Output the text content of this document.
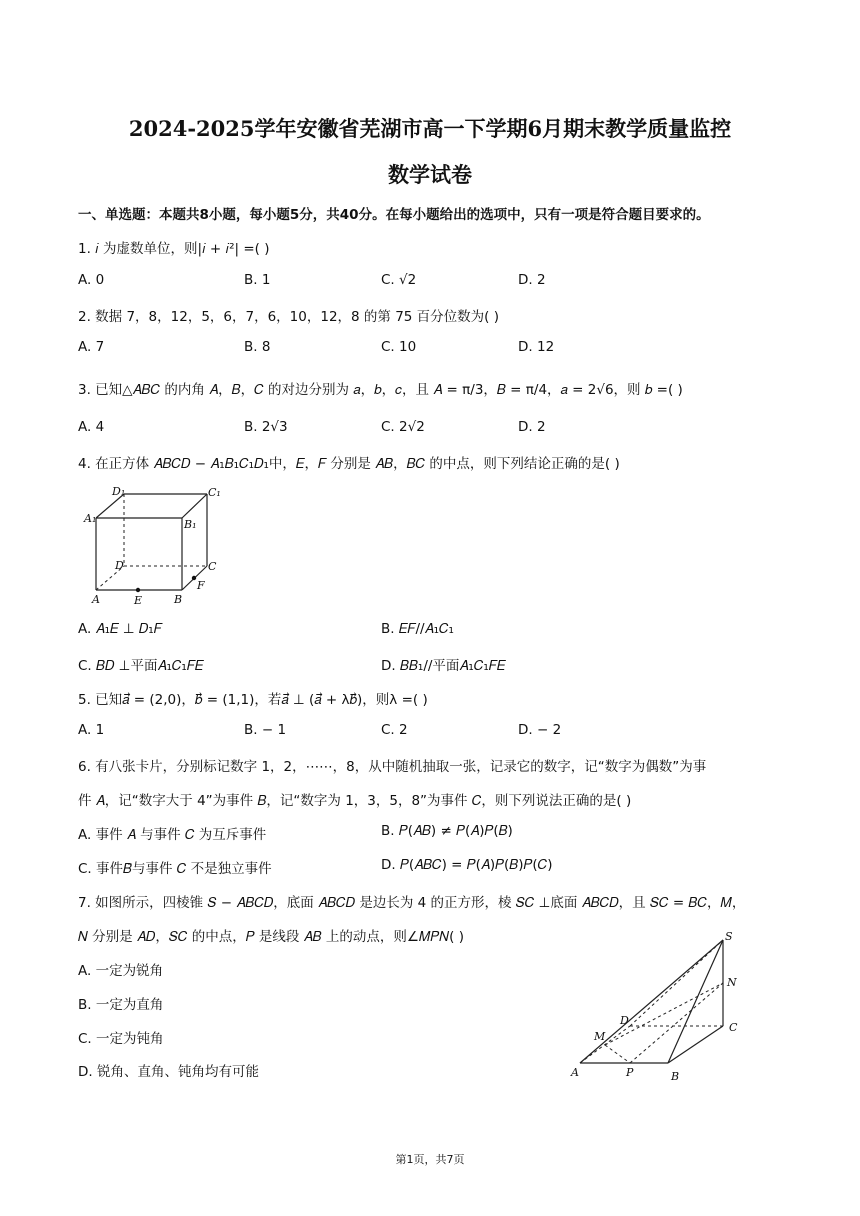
2024-2025学年安徽省芜湖市高一下学期6月期末教学质量监控
数学试卷
一、单选题：本题共8小题，每小题5分，共40分。在每小题给出的选项中，只有一项是符合题目要求的。
1. 𝑖 为虚数单位，则|𝑖 + 𝑖²| =( )
A. 0	B. 1	C. √2	D. 2
2. 数据 7，8，12，5，6，7，6，10，12，8 的第 75 百分位数为( )
A. 7	B. 8	C. 10	D. 12
3. 已知△𝐴𝐵𝐶 的内角 𝐴，𝐵，𝐶 的对边分别为 𝑎，𝑏，𝑐，且 𝐴 = π/3，𝐵 = π/4，𝑎 = 2√6，则 𝑏 =( )
A. 4	B. 2√3	C. 2√2	D. 2
4. 在正方体 𝐴𝐵𝐶𝐷 − 𝐴₁𝐵₁𝐶₁𝐷₁中，𝐸，𝐹 分别是 𝐴𝐵，𝐵𝐶 的中点，则下列结论正确的是( )
D₁	C₁
A₁	B₁
D	C
F
A	E	B
A. 𝐴₁𝐸 ⊥ 𝐷₁𝐹	B. 𝐸𝐹//𝐴₁𝐶₁
C. 𝐵𝐷 ⊥平面𝐴₁𝐶₁𝐹𝐸	D. 𝐵𝐵₁//平面𝐴₁𝐶₁𝐹𝐸
5. 已知𝑎⃗ = (2,0)，𝑏⃗ = (1,1)，若𝑎⃗ ⊥ (𝑎⃗ + λ𝑏⃗)，则λ =( )
A. 1	B. − 1	C. 2	D. − 2
6. 有八张卡片，分别标记数字 1，2，⋯⋯，8，从中随机抽取一张，记录它的数字，记“数字为偶数”为事
件 𝐴，记“数字大于 4”为事件 𝐵，记“数字为 1，3，5，8”为事件 𝐶，则下列说法正确的是( )
A. 事件 𝐴 与事件 𝐶 为互斥事件	B. 𝑃(𝐴𝐵) ≠ 𝑃(𝐴)𝑃(𝐵)
C. 事件𝐵̄与事件 𝐶 不是独立事件	D. 𝑃(𝐴𝐵𝐶) = 𝑃(𝐴)𝑃(𝐵)𝑃(𝐶)
7. 如图所示，四棱锥 𝑆 − 𝐴𝐵𝐶𝐷，底面 𝐴𝐵𝐶𝐷 是边长为 4 的正方形，棱 𝑆𝐶 ⊥底面 𝐴𝐵𝐶𝐷，且 𝑆𝐶 = 𝐵𝐶，𝑀，
𝑁 分别是 𝐴𝐷，𝑆𝐶 的中点，𝑃 是线段 𝐴𝐵 上的动点，则∠𝑀𝑃𝑁( )
A. 一定为锐角
B. 一定为直角
C. 一定为钝角
D. 锐角、直角、钝角均有可能
S
N
D
C
M
A	P	B
第1页，共7页
